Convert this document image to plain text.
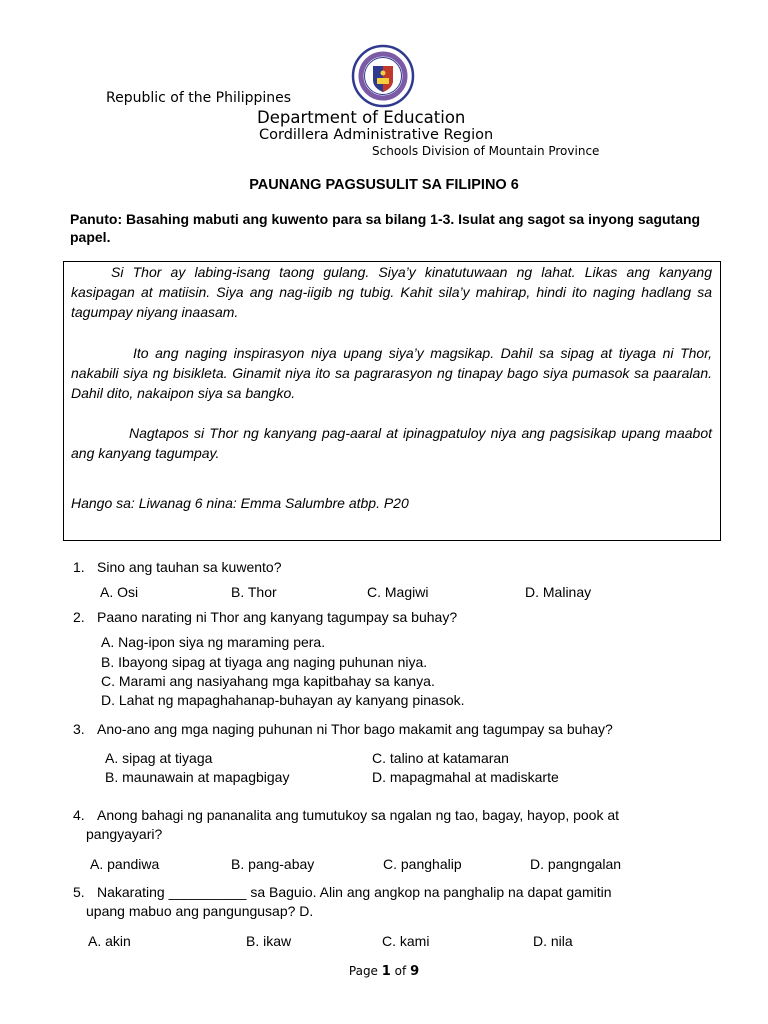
Republic of the Philippines
Department of Education
Cordillera Administrative Region
Schools Division of Mountain Province
PAUNANG PAGSUSULIT SA FILIPINO 6
Panuto: Basahing mabuti ang kuwento para sa bilang 1-3. Isulat ang sagot sa inyong sagutang papel.

Si Thor ay labing-isang taong gulang. Siya’y kinatutuwaan ng lahat. Likas ang kanyang kasipagan at matiisin. Siya ang nag-iigib ng tubig. Kahit sila’y mahirap, hindi ito naging hadlang sa tagumpay niyang inaasam.

Ito ang naging inspirasyon niya upang siya’y magsikap. Dahil sa sipag at tiyaga ni Thor, nakabili siya ng bisikleta. Ginamit niya ito sa pagrarasyon ng tinapay bago siya pumasok sa paaralan. Dahil dito, nakaipon siya sa bangko.

Nagtapos si Thor ng kanyang pag-aaral at ipinagpatuloy niya ang pagsisikap upang maabot ang kanyang tagumpay.

Hango sa: Liwanag 6 nina: Emma Salumbre atbp. P20

1. Sino ang tauhan sa kuwento?
A. Osi	B. Thor	C. Magiwi	D. Malinay
2. Paano narating ni Thor ang kanyang tagumpay sa buhay?
A. Nag-ipon siya ng maraming pera.
B. Ibayong sipag at tiyaga ang naging puhunan niya.
C. Marami ang nasiyahang mga kapitbahay sa kanya.
D. Lahat ng mapaghahanap-buhayan ay kanyang pinasok.
3. Ano-ano ang mga naging puhunan ni Thor bago makamit ang tagumpay sa buhay?
A. sipag at tiyaga	C. talino at katamaran
B. maunawain at mapagbigay	D. mapagmahal at madiskarte
4. Anong bahagi ng pananalita ang tumutukoy sa ngalan ng tao, bagay, hayop, pook at
pangyayari?
A. pandiwa	B. pang-abay	C. panghalip	D. pangngalan
5. Nakarating __________ sa Baguio. Alin ang angkop na panghalip na dapat gamitin
upang mabuo ang pangungusap? D.
A. akin	B. ikaw	C. kami	D. nila
Page 1 of 9
